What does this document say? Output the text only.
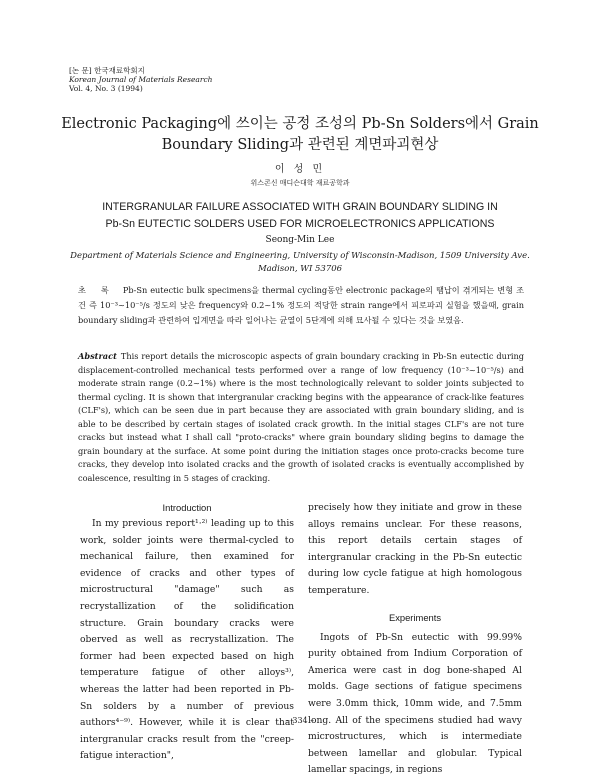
[논 문] 한국재료학회지
Korean Journal of Materials Research
Vol. 4, No. 3 (1994)
Electronic Packaging에 쓰이는 공정 조성의 Pb-Sn Solders에서 Grain
Boundary Sliding과 관련된 계면파괴현상
이 성 민
위스콘신 매디슨대학 재료공학과
INTERGRANULAR FAILURE ASSOCIATED WITH GRAIN BOUNDARY SLIDING IN
Pb-Sn EUTECTIC SOLDERS USED FOR MICROELECTRONICS APPLICATIONS
Seong-Min Lee
Department of Materials Science and Engineering, University of Wisconsin-Madison, 1509 University Ave.
Madison, WI 53706
초 록 Pb-Sn eutectic bulk specimens을 thermal cycling동안 electronic package의 땜납이 겪게되는 변형 조건 즉 10⁻³~10⁻⁵/s 정도의 낮은 frequency와 0.2~1% 정도의 적당한 strain range에서 피로파괴 실험을 했을때, grain boundary sliding과 관련하여 입계면을 따라 일어나는 균열이 5단계에 의해 묘사될 수 있다는 것을 보였음.
Abstract This report details the microscopic aspects of grain boundary cracking in Pb-Sn eutectic during displacement-controlled mechanical tests performed over a range of low frequency (10⁻³~10⁻⁵/s) and moderate strain range (0.2~1%) where is the most technologically relevant to solder joints subjected to thermal cycling. It is shown that intergranular cracking begins with the appearance of crack-like features (CLF's), which can be seen due in part because they are associated with grain boundary sliding, and is able to be described by certain stages of isolated crack growth. In the initial stages CLF's are not ture cracks but instead what I shall call "proto-cracks" where grain boundary sliding begins to damage the grain boundary at the surface. At some point during the initiation stages once proto-cracks become ture cracks, they develop into isolated cracks and the growth of isolated cracks is eventually accomplished by coalescence, resulting in 5 stages of cracking.

Introduction

In my previous report¹·²⁾ leading up to this work, solder joints were thermal-cycled to mechanical failure, then examined for evidence of cracks and other types of microstructural "damage" such as recrystallization of the solidification structure. Grain boundary cracks were oberved as well as recrystallization. The former had been expected based on high temperature fatigue of other alloys³⁾, whereas the latter had been reported in Pb-Sn solders by a number of previous authors⁴⁻⁹⁾. However, while it is clear that intergranular cracks result from the "creep-fatigue interaction",

precisely how they initiate and grow in these alloys remains unclear. For these reasons, this report details certain stages of intergranular cracking in the Pb-Sn eutectic during low cycle fatigue at high homologous temperature.

Experiments

Ingots of Pb-Sn eutectic with 99.99% purity obtained from Indium Corporation of America were cast in dog bone-shaped Al molds. Gage sections of fatigue specimens were 3.0mm thick, 10mm wide, and 7.5mm long. All of the specimens studied had wavy microstructures, which is intermediate between lamellar and globular. Typical lamellar spacings, in regions

– 334 –
